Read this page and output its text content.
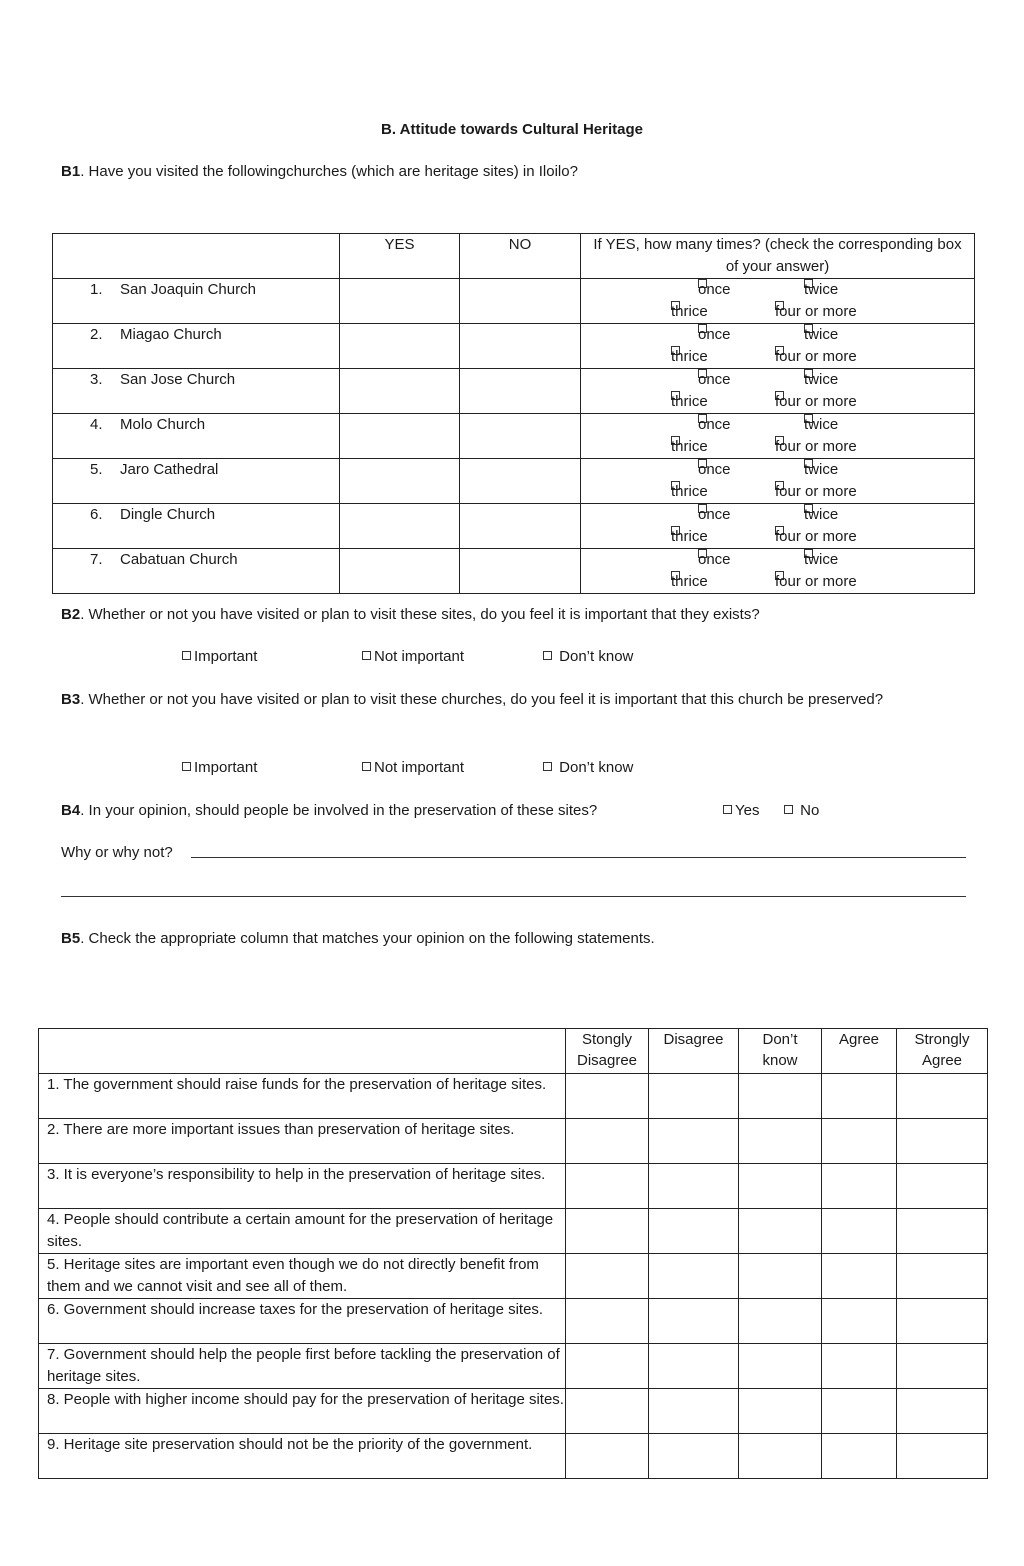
B. Attitude towards Cultural Heritage
B1. Have you visited the followingchurches (which are heritage sites) in Iloilo?
	YES	NO	If YES, how many times? (check the corresponding box of your answer)
1. San Joaquin Church			once twice
thrice four or more

2. Miagao Church			once twice
thrice four or more

3. San Jose Church			once twice
thrice four or more

4. Molo Church			once twice
thrice four or more

5. Jaro Cathedral			once twice
thrice four or more

6. Dingle Church			once twice
thrice four or more

7. Cabatuan Church			once twice
thrice four or more
B2. Whether or not you have visited or plan to visit these sites, do you feel it is important that they exists?
Important	Not important	Don’t know
B3. Whether or not you have visited or plan to visit these churches, do you feel it is important that this church be preserved?
Important	Not important	Don’t know
B4. In your opinion, should people be involved in the preservation of these sites?	Yes	No
Why or why not?
B5. Check the appropriate column that matches your opinion on the following statements.
	Stongly Disagree	Disagree	Don’t know	Agree	Strongly Agree
1. The government should raise funds for the preservation of heritage sites.					
2. There are more important issues than preservation of heritage sites.					
3. It is everyone’s responsibility to help in the preservation of heritage sites.					
4. People should contribute a certain amount for the preservation of heritage sites.					
5. Heritage sites are important even though we do not directly benefit from them and we cannot visit and see all of them.					
6. Government should increase taxes for the preservation of heritage sites.					
7. Government should help the people first before tackling the preservation of heritage sites.					
8. People with higher income should pay for the preservation of heritage sites.					
9. Heritage site preservation should not be the priority of the government.					
